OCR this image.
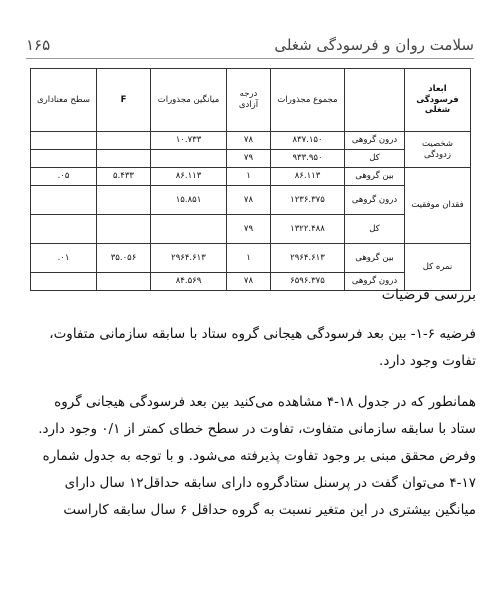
۱۶۵	سلامت روان و فرسودگی شغلی
ابعاد فرسودگی شغلی		مجموع مجذورات	درجه آزادی	میانگین مجذورات	F	سطح معناداری
شخصیت زدودگی	درون گروهی	۸۳۷.۱۵۰	۷۸	۱۰.۷۳۳		
	کل	۹۳۳.۹۵۰	۷۹			
فقدان موفقیت	بین گروهی	۸۶.۱۱۳	۱	۸۶.۱۱۳	۵.۴۳۳	۰۵.
	درون گروهی	۱۲۳۶.۳۷۵	۷۸	۱۵.۸۵۱		
	کل	۱۳۲۲.۴۸۸	۷۹			
نمره کل	بین گروهی	۲۹۶۴.۶۱۳	۱	۲۹۶۴.۶۱۳	۳۵.۰۵۶	۰۱.
	درون گروهی	۶۵۹۶.۳۷۵	۷۸	۸۴.۵۶۹		

بررسی فرضیات

فرضیه ۶-۱- بین بعد فرسودگی هیجانی گروه ستاد با سابقه سازمانی متفاوت، تفاوت وجود دارد.

همانطور که در جدول ۱۸-۴ مشاهده می‌کنید بین بعد فرسودگی هیجانی گروه ستاد با سابقه سازمانی متفاوت، تفاوت در سطح خطای کمتر از ۰/۱ وجود دارد. وفرض محقق مبنی بر وجود تفاوت پذیرفته می‌شود. و با توجه به جدول شماره ۱۷-۴ می‌توان گفت در پرسنل ستادگروه دارای سابقه حداقل۱۲ سال دارای میانگین بیشتری در این متغیر نسبت به گروه حداقل ۶ سال سابقه کاراست
